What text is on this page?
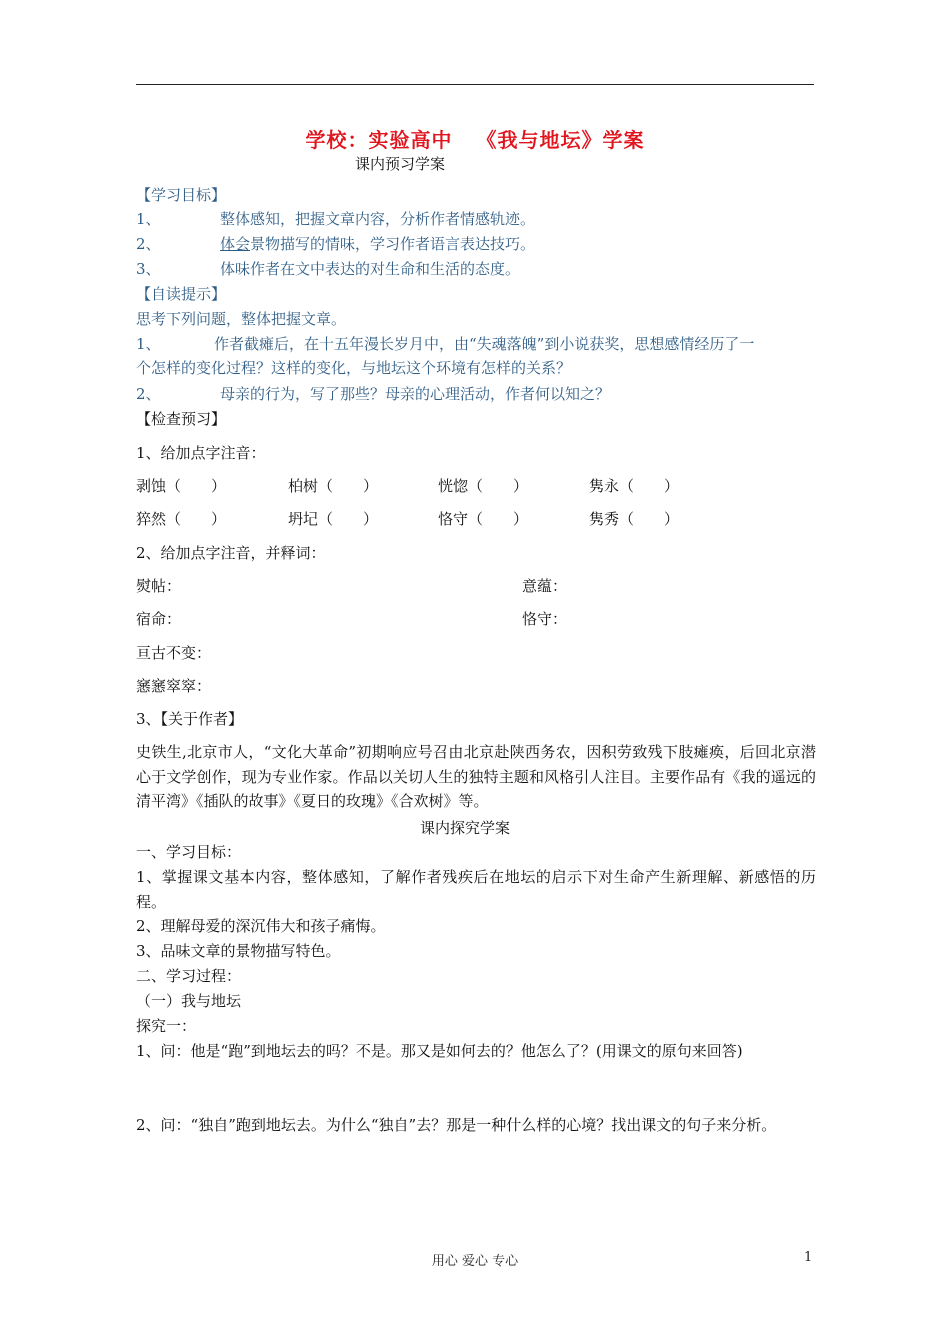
学校：实验高中 《我与地坛》学案
课内预习学案
【学习目标】
1、	整体感知，把握文章内容，分析作者情感轨迹。
2、	体会景物描写的情味，学习作者语言表达技巧。
3、	体味作者在文中表达的对生命和生活的态度。
【自读提示】
思考下列问题，整体把握文章。
1、	作者截瘫后，在十五年漫长岁月中，由“失魂落魄”到小说获奖，思想感情经历了一
个怎样的变化过程？这样的变化，与地坛这个环境有怎样的关系？
2、	母亲的行为，写了那些？母亲的心理活动，作者何以知之？
【检查预习】
1、给加点字注音：
剥蚀（　　）	柏树（　　）	恍惚（　　）	隽永（　　）
猝然（　　）	坍圮（　　）	恪守（　　）	隽秀（　　）
2、给加点字注音，并释词：
熨帖：	意蕴：
宿命：	恪守：
亘古不变：
窸窸窣窣：
3、【关于作者】
史铁生,北京市人，“文化大革命”初期响应号召由北京赴陕西务农，因积劳致残下肢瘫痪，后回北京潜心于文学创作，现为专业作家。作品以关切人生的独特主题和风格引人注目。主要作品有《我的遥远的清平湾》《插队的故事》《夏日的玫瑰》《合欢树》等。
课内探究学案
一、学习目标：
1、掌握课文基本内容，整体感知，了解作者残疾后在地坛的启示下对生命产生新理解、新感悟的历程。
2、理解母爱的深沉伟大和孩子痛悔。
3、品味文章的景物描写特色。
二、学习过程：
（一）我与地坛
探究一：
1、问：他是“跑”到地坛去的吗？不是。那又是如何去的？他怎么了？(用课文的原句来回答)
2、问：“独自”跑到地坛去。为什么“独自”去？那是一种什么样的心境？找出课文的句子来分析。
用心 爱心 专心	1
